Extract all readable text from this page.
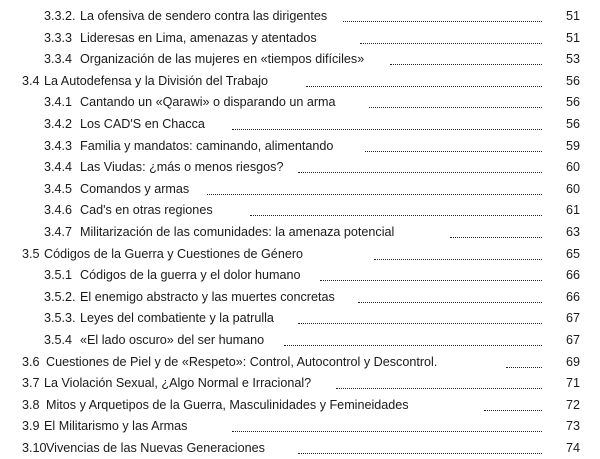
3.3.2. La ofensiva de sendero contra las dirigentes	51
3.3.3 Lideresas en Lima, amenazas y atentados	51
3.3.4 Organización de las mujeres en «tiempos difíciles»	53
3.4 La Autodefensa y la División del Trabajo	56
3.4.1 Cantando un «Qarawi» o disparando un arma	56
3.4.2 Los CAD'S en Chacca	56
3.4.3 Familia y mandatos: caminando, alimentando	59
3.4.4 Las Viudas: ¿más o menos riesgos?	60
3.4.5 Comandos y armas	60
3.4.6 Cad's en otras regiones	61
3.4.7 Militarización de las comunidades: la amenaza potencial	63
3.5 Códigos de la Guerra y Cuestiones de Género	65
3.5.1 Códigos de la guerra y el dolor humano	66
3.5.2. El enemigo abstracto y las muertes concretas	66
3.5.3. Leyes del combatiente y la patrulla	67
3.5.4 «El lado oscuro» del ser humano	67
3.6 Cuestiones de Piel y de «Respeto»: Control, Autocontrol y Descontrol.	69
3.7 La Violación Sexual, ¿Algo Normal e Irracional?	71
3.8 Mitos y Arquetipos de la Guerra, Masculinidades y Femineidades	72
3.9 El Militarismo y las Armas	73
3.10 Vivencias de las Nuevas Generaciones	74
